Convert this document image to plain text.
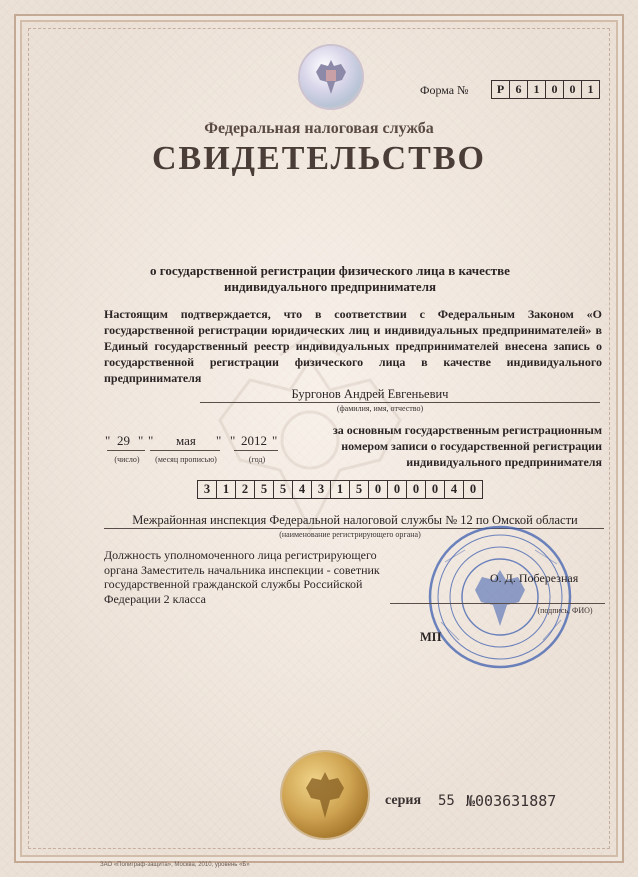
Форма №	Р 6	1	0	0	1
Федеральная налоговая служба
СВИДЕТЕЛЬСТВО
о государственной регистрации физического лица в качестве индивидуального предпринимателя
Настоящим подтверждается, что в соответствии с Федеральным Законом «О государственной регистрации юридических лиц и индивидуальных предпринимателей» в Единый государственный реестр индивидуальных предпринимателей внесена запись о государственной регистрации физического лица в качестве индивидуального предпринимателя
Бургонов Андрей Евгеньевич
(фамилия, имя, отчество)
" 29 " " мая " " 2012 "
(число)	(месяц прописью)	(год)
за основным государственным регистрационным номером записи о государственной регистрации индивидуального предпринимателя
3	1	2	5	5	4	3	1	5	0	0	0	0	4	0
Межрайонная инспекция Федеральной налоговой службы № 12 по Омской области
(наименование регистрирующего органа)
Должность уполномоченного лица регистрирующего органа Заместитель начальника инспекции - советник государственной гражданской службы Российской Федерации 2 класса
О. Д. Поберезная
(подпись, ФИО)
МП
серия 55 №003631887
ЗАО «Полиграф-защита», Москва, 2010, уровень «Б»
